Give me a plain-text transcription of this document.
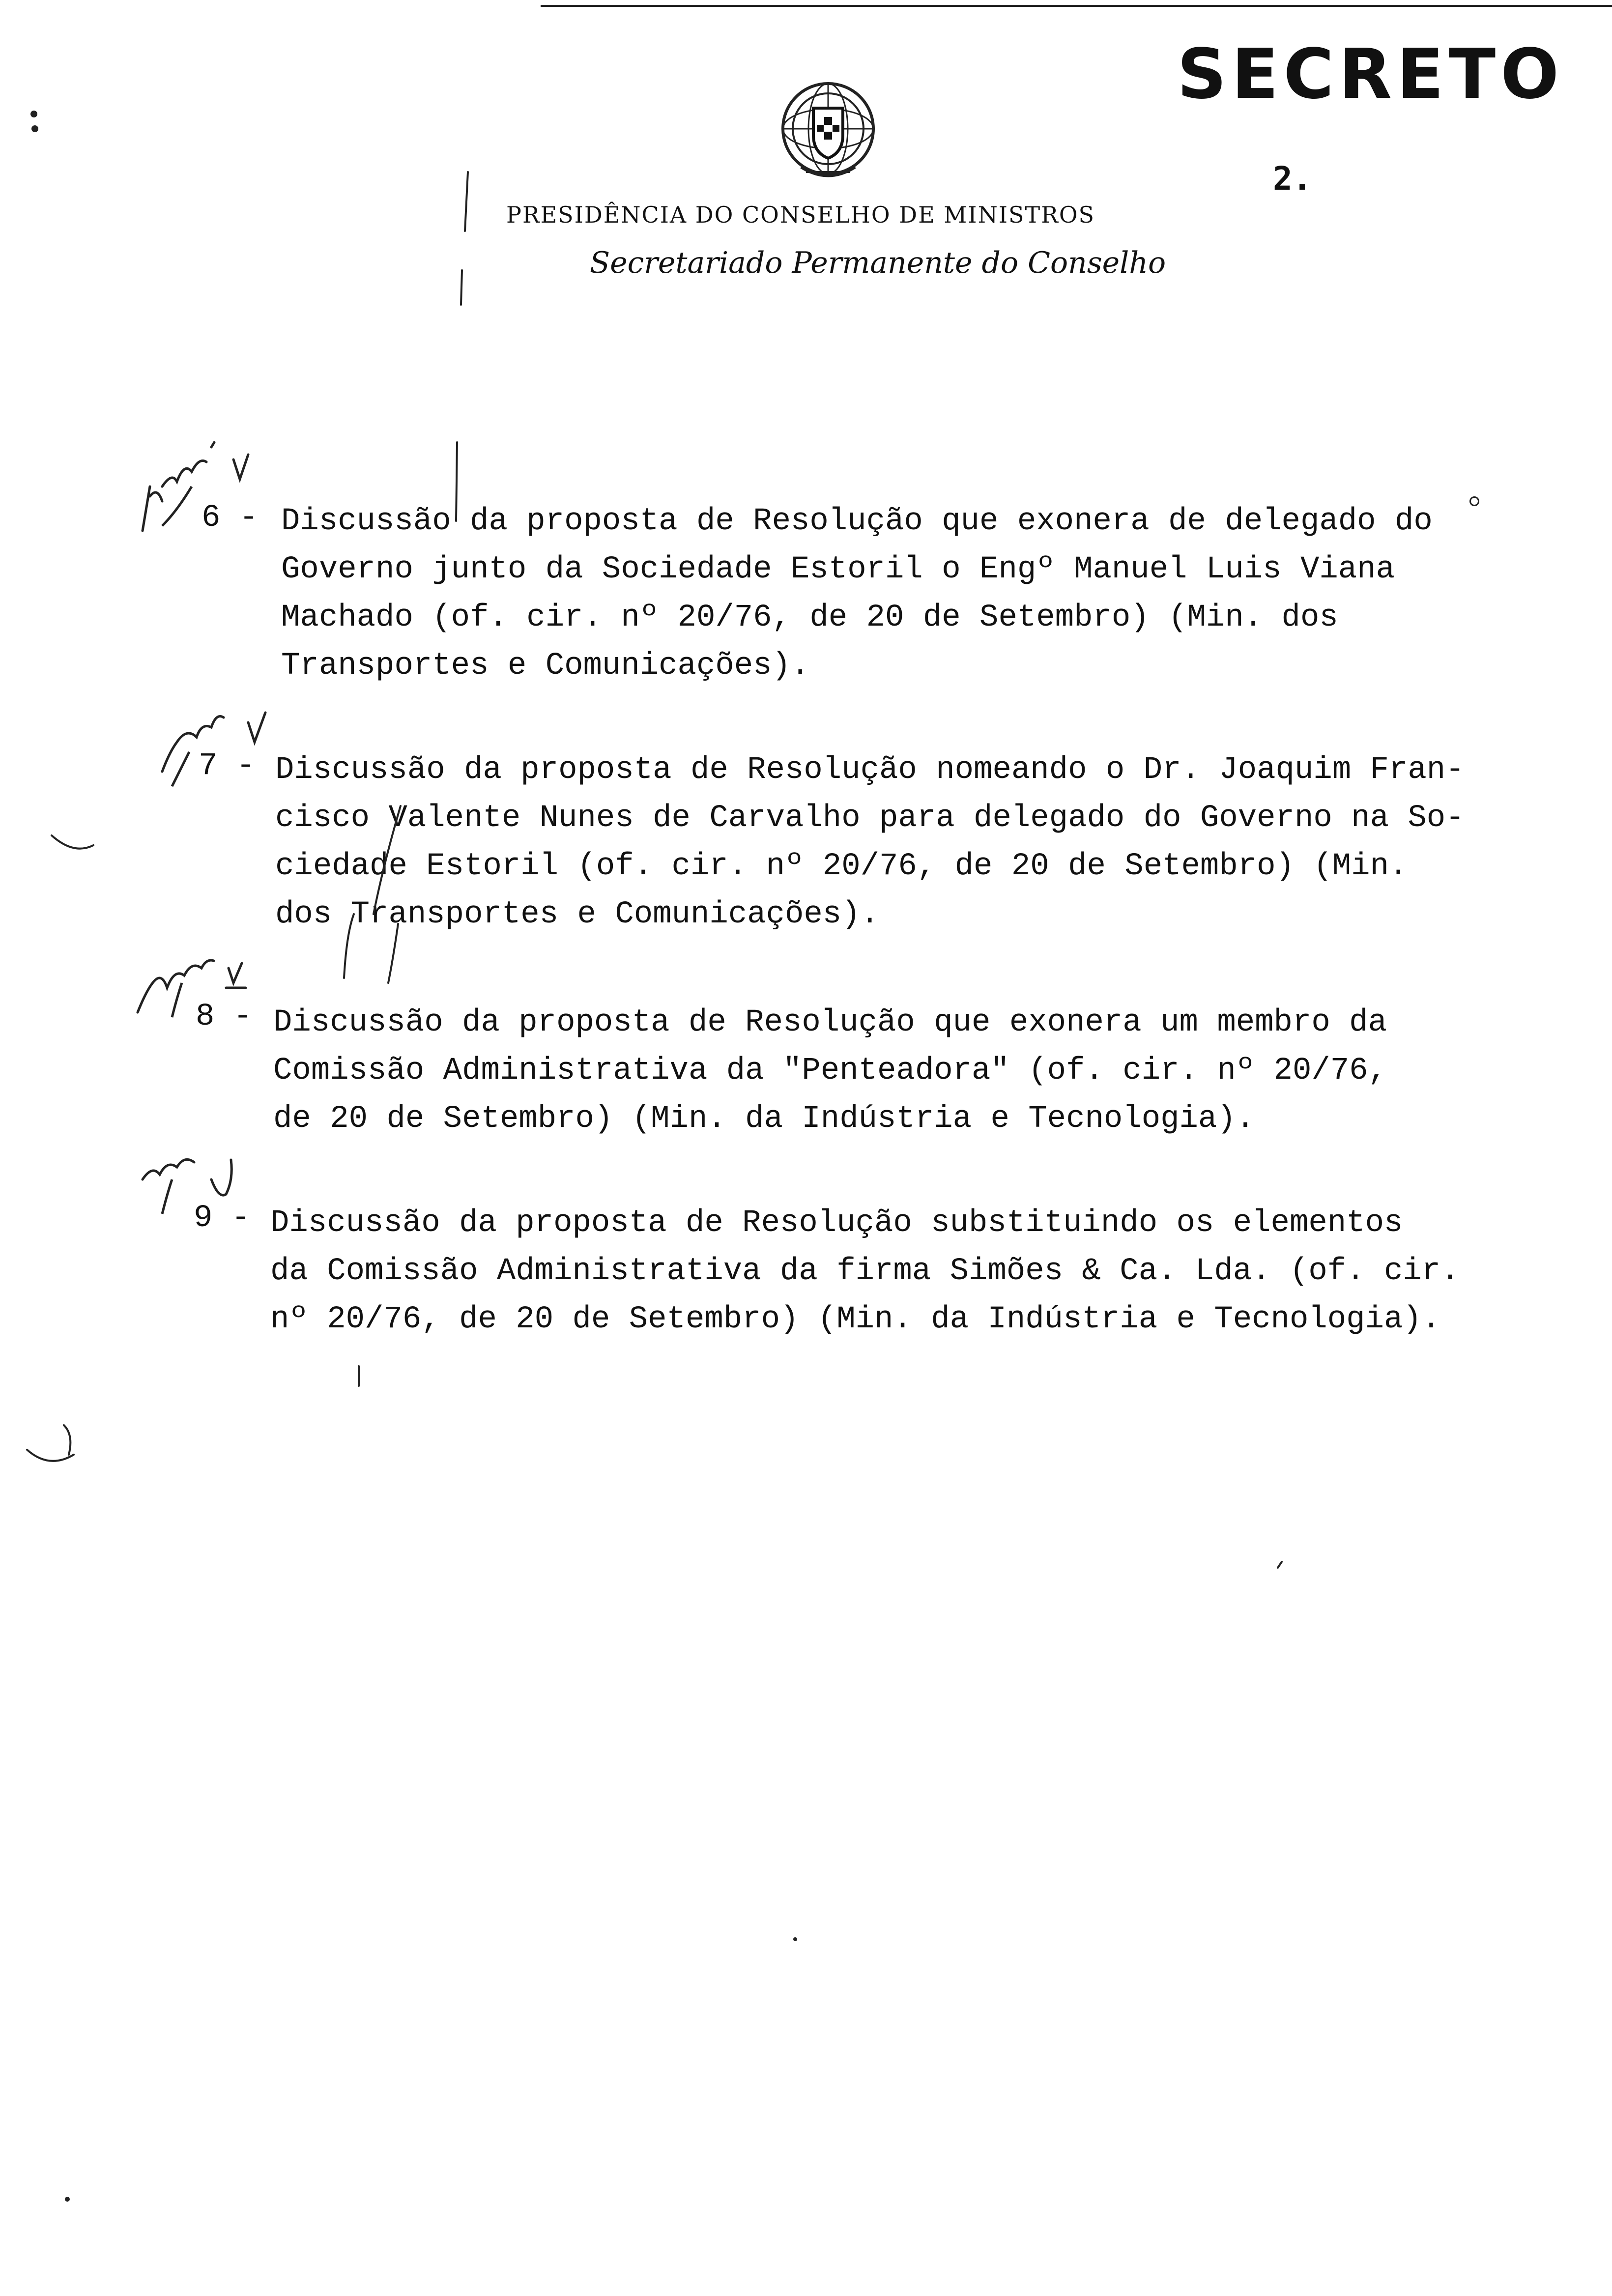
SECRETO
2.
PRESIDÊNCIA DO CONSELHO DE MINISTROS
Secretariado Permanente do Conselho
6 - Discussão da proposta de Resolução que exonera de delegado do
Governo junto da Sociedade Estoril o Engº Manuel Luis Viana
Machado (of. cir. nº 20/76, de 20 de Setembro) (Min. dos
Transportes e Comunicações).
7 - Discussão da proposta de Resolução nomeando o Dr. Joaquim Fran-
cisco Valente Nunes de Carvalho para delegado do Governo na So-
ciedade Estoril (of. cir. nº 20/76, de 20 de Setembro) (Min.
dos Transportes e Comunicações).
8 - Discussão da proposta de Resolução que exonera um membro da
Comissão Administrativa da "Penteadora" (of. cir. nº 20/76,
de 20 de Setembro) (Min. da Indústria e Tecnologia).
9 - Discussão da proposta de Resolução substituindo os elementos
da Comissão Administrativa da firma Simões & Ca. Lda. (of. cir.
nº 20/76, de 20 de Setembro) (Min. da Indústria e Tecnologia).
